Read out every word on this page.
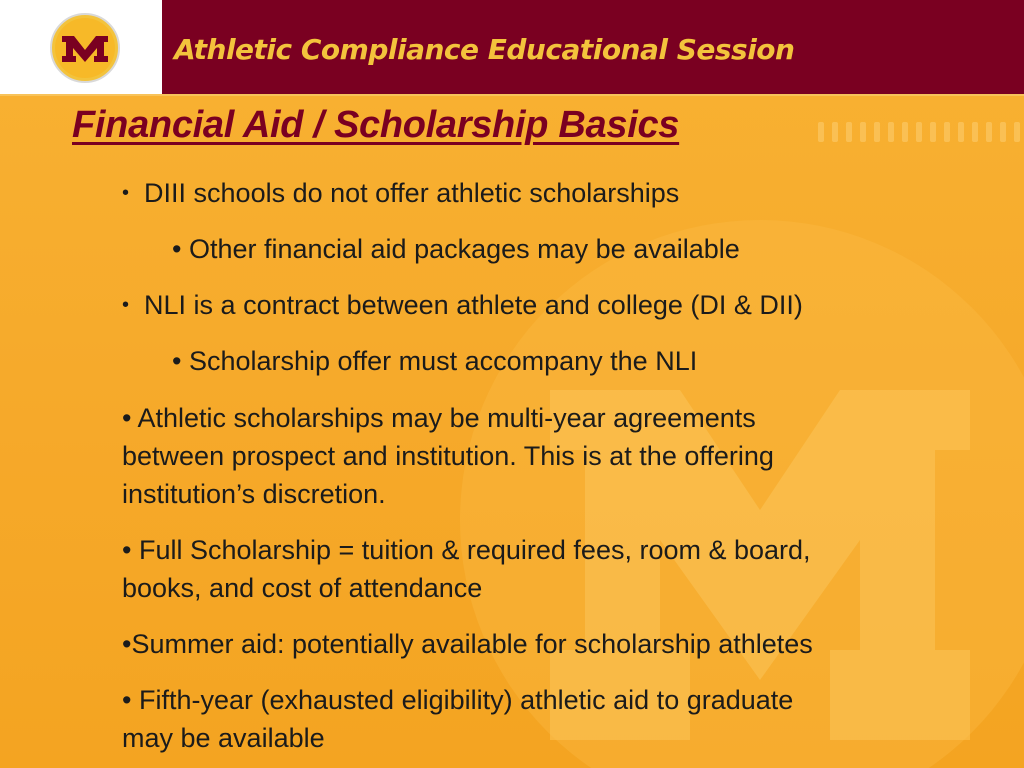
Athletic Compliance Educational Session
Financial Aid / Scholarship Basics
• DIII schools do not offer athletic scholarships
• Other financial aid packages may be available
• NLI is a contract between athlete and college (DI & DII)
• Scholarship offer must accompany the NLI
• Athletic scholarships may be multi-year agreements
between prospect and institution. This is at the offering
institution’s discretion.
• Full Scholarship = tuition & required fees, room & board,
books, and cost of attendance
•Summer aid: potentially available for scholarship athletes
• Fifth-year (exhausted eligibility) athletic aid to graduate
may be available
